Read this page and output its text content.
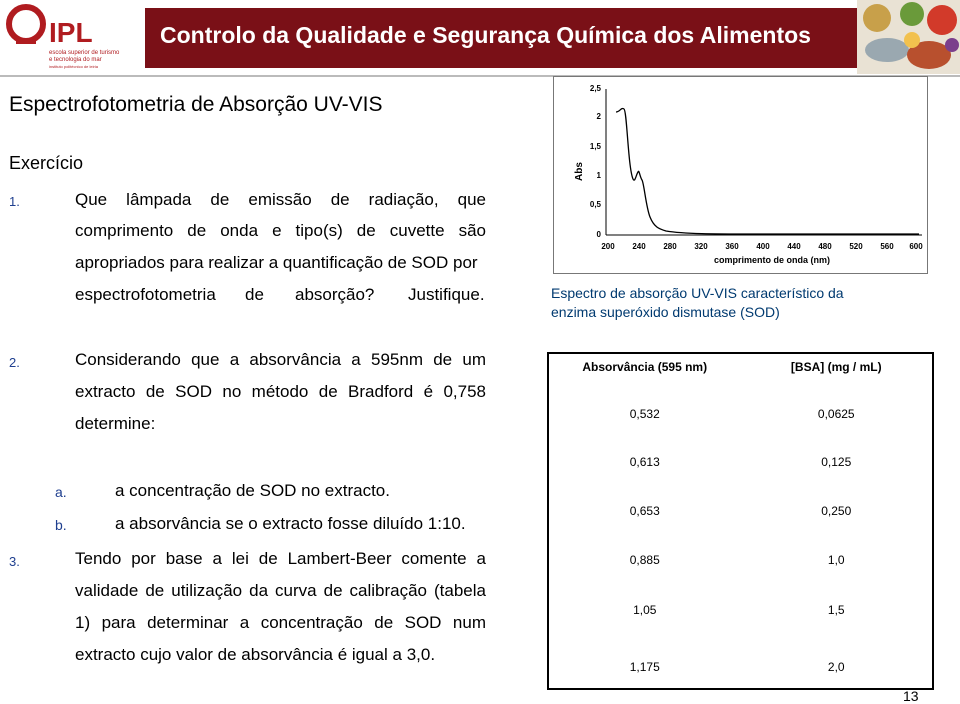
IPL
escola superior de turismo
e tecnologia do mar
instituto politécnico de leiria
Controlo da Qualidade e Segurança Química dos Alimentos
Espectrofotometria de Absorção UV-VIS
Exercício
1.	Que lâmpada de emissão de radiação, que
comprimento de onda e tipo(s) de cuvette são
apropriados para realizar a quantificação de SOD por
espectrofotometria de absorção? Justifique.
Abs
2,5
2
1,5
1
0,5
0
200 240 280 320 360 400 440 480 520 560 600
comprimento de onda (nm)
Espectro de absorção UV-VIS característico da
enzima superóxido dismutase (SOD)
2.	Considerando que a absorvância a 595nm de um
extracto de SOD no método de Bradford é 0,758
determine:
a.	a concentração de SOD no extracto.
b.	a absorvância se o extracto fosse diluído 1:10.
3.	Tendo por base a lei de Lambert-Beer comente a
validade de utilização da curva de calibração (tabela
1) para determinar a concentração de SOD num
extracto cujo valor de absorvância é igual a 3,0.
Absorvância (595 nm)	[BSA] (mg / mL)
0,532	0,0625
0,613	0,125
0,653	0,250
0,885	1,0
1,05	1,5
1,175	2,0
13
